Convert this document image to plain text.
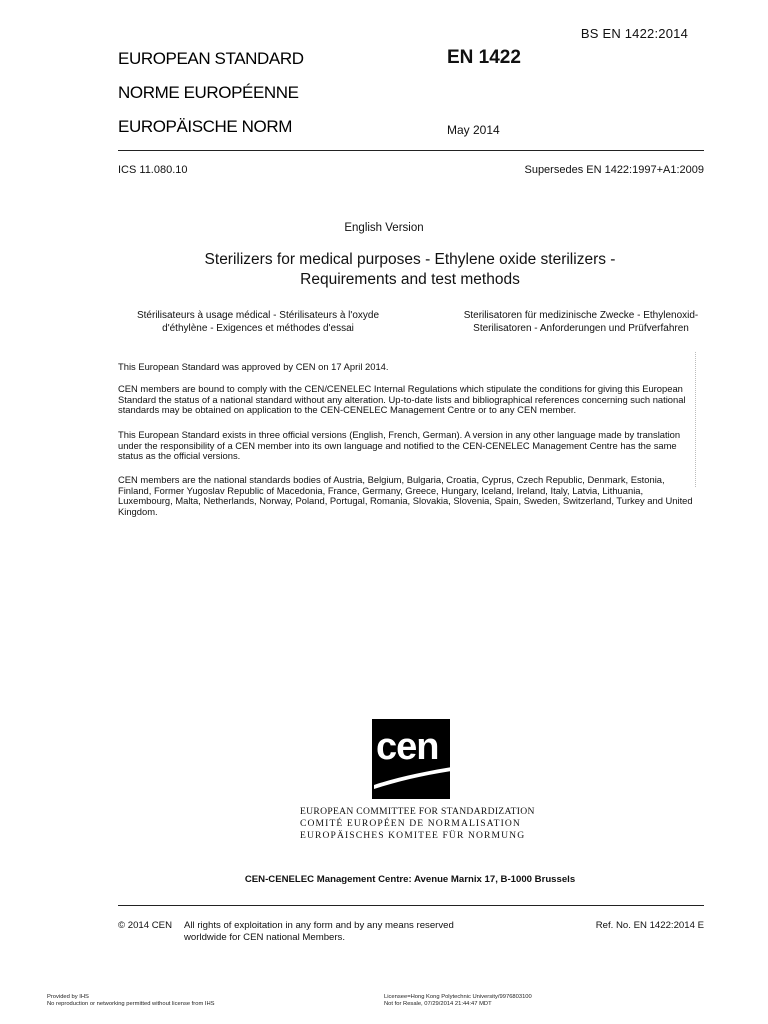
BS EN 1422:2014
EUROPEAN STANDARD
NORME EUROPÉENNE
EUROPÄISCHE NORM
EN 1422
May 2014
ICS 11.080.10	Supersedes EN 1422:1997+A1:2009
English Version
Sterilizers for medical purposes - Ethylene oxide sterilizers -
Requirements and test methods
Stérilisateurs à usage médical - Stérilisateurs à l'oxyde
d'éthylène - Exigences et méthodes d'essai
Sterilisatoren für medizinische Zwecke - Ethylenoxid-
Sterilisatoren - Anforderungen und Prüfverfahren
This European Standard was approved by CEN on 17 April 2014.
CEN members are bound to comply with the CEN/CENELEC Internal Regulations which stipulate the conditions for giving this European
Standard the status of a national standard without any alteration. Up-to-date lists and bibliographical references concerning such national
standards may be obtained on application to the CEN-CENELEC Management Centre or to any CEN member.
This European Standard exists in three official versions (English, French, German). A version in any other language made by translation
under the responsibility of a CEN member into its own language and notified to the CEN-CENELEC Management Centre has the same
status as the official versions.
CEN members are the national standards bodies of Austria, Belgium, Bulgaria, Croatia, Cyprus, Czech Republic, Denmark, Estonia,
Finland, Former Yugoslav Republic of Macedonia, France, Germany, Greece, Hungary, Iceland, Ireland, Italy, Latvia, Lithuania,
Luxembourg, Malta, Netherlands, Norway, Poland, Portugal, Romania, Slovakia, Slovenia, Spain, Sweden, Switzerland, Turkey and United
Kingdom.
cen
EUROPEAN COMMITTEE FOR STANDARDIZATION
COMITÉ EUROPÉEN DE NORMALISATION
EUROPÄISCHES KOMITEE FÜR NORMUNG
CEN-CENELEC Management Centre: Avenue Marnix 17, B-1000 Brussels
© 2014 CEN All rights of exploitation in any form and by any means reserved
worldwide for CEN national Members.
Ref. No. EN 1422:2014 E
Provided by IHS
No reproduction or networking permitted without license from IHS
Licensee=Hong Kong Polytechnic University/9976803100
Not for Resale, 07/29/2014 21:44:47 MDT
